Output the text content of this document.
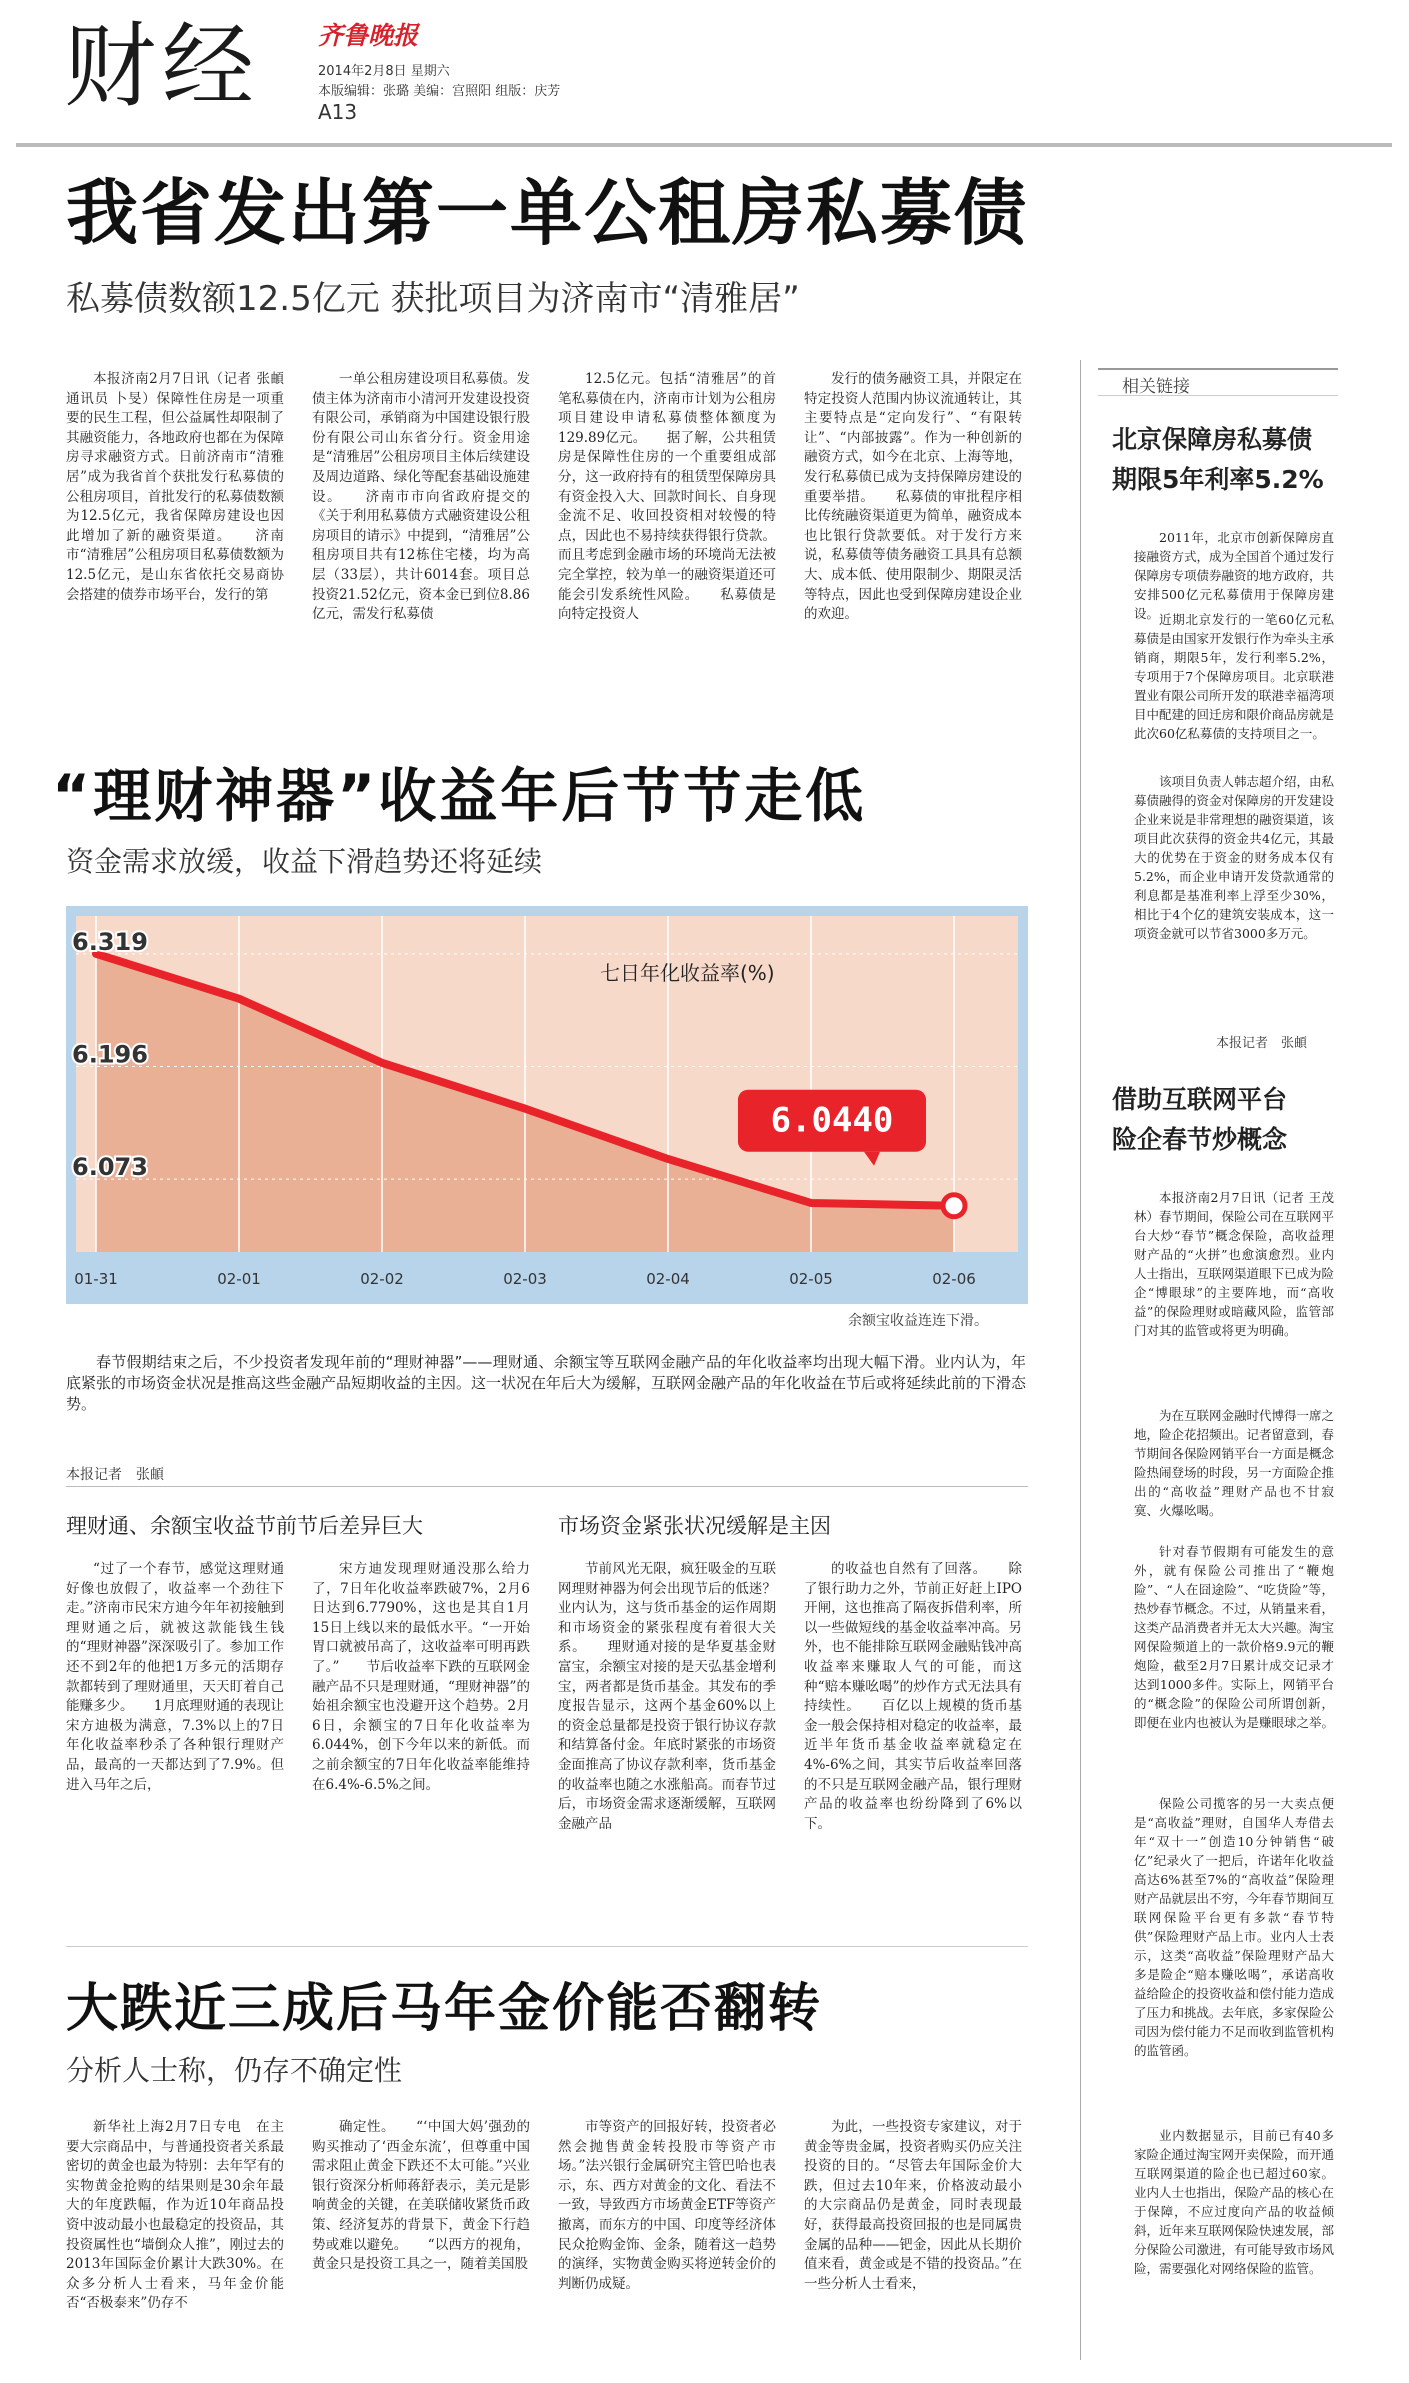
财经 齐鲁晚报
2014年2月8日 星期六
本版编辑：张璐 美编：宫照阳 组版：庆芳
A13
我省发出第一单公租房私募债
私募债数额12.5亿元 获批项目为济南市“清雅居”
本报济南2月7日讯（记者 张頔 通讯员 卜旻）保障性住房是一项重要的民生工程，但公益属性却限制了其融资能力，各地政府也都在为保障房寻求融资方式。日前济南市“清雅居”成为我省首个获批发行私募债的公租房项目，首批发行的私募债数额为12.5亿元，我省保障房建设也因此增加了新的融资渠道。　　济南市“清雅居”公租房项目私募债数额为12.5亿元，是山东省依托交易商协会搭建的债券市场平台，发行的第
一单公租房建设项目私募债。发债主体为济南市小清河开发建设投资有限公司，承销商为中国建设银行股份有限公司山东省分行。资金用途是“清雅居”公租房项目主体后续建设及周边道路、绿化等配套基础设施建设。　　济南市市向省政府提交的《关于利用私募债方式融资建设公租房项目的请示》中提到，“清雅居”公租房项目共有12栋住宅楼，均为高层（33层），共计6014套。项目总投资21.52亿元，资本金已到位8.86亿元，需发行私募债
12.5亿元。包括“清雅居”的首笔私募债在内，济南市计划为公租房项目建设申请私募债整体额度为129.89亿元。　　据了解，公共租赁房是保障性住房的一个重要组成部分，这一政府持有的租赁型保障房具有资金投入大、回款时间长、自身现金流不足、收回投资相对较慢的特点，因此也不易持续获得银行贷款。而且考虑到金融市场的环境尚无法被完全掌控，较为单一的融资渠道还可能会引发系统性风险。　　私募债是向特定投资人
发行的债务融资工具，并限定在特定投资人范围内协议流通转让，其主要特点是“定向发行”、“有限转让”、“内部披露”。作为一种创新的融资方式，如今在北京、上海等地，发行私募债已成为支持保障房建设的重要举措。　　私募债的审批程序相比传统融资渠道更为简单，融资成本也比银行贷款要低。对于发行方来说，私募债等债务融资工具具有总额大、成本低、使用限制少、期限灵活等特点，因此也受到保障房建设企业的欢迎。
相关链接
北京保障房私募债
期限5年利率5.2%
2011年，北京市创新保障房直接融资方式，成为全国首个通过发行保障房专项债券融资的地方政府，共安排500亿元私募债用于保障房建设。 近期北京发行的一笔60亿元私募债是由国家开发银行作为牵头主承销商，期限5年，发行利率5.2%，专项用于7个保障房项目。北京联港置业有限公司所开发的联港幸福湾项目中配建的回迁房和限价商品房就是此次60亿私募债的支持项目之一。
该项目负责人韩志超介绍，由私募债融得的资金对保障房的开发建设企业来说是非常理想的融资渠道，该项目此次获得的资金共4亿元，其最大的优势在于资金的财务成本仅有5.2%，而企业申请开发贷款通常的利息都是基准利率上浮至少30%，相比于4个亿的建筑安装成本，这一项资金就可以节省3000多万元。
本报记者　张頔
借助互联网平台
险企春节炒概念
本报济南2月7日讯（记者 王茂林）春节期间，保险公司在互联网平台大炒“春节”概念保险，高收益理财产品的“火拼”也愈演愈烈。业内人士指出，互联网渠道眼下已成为险企“博眼球”的主要阵地，而“高收益”的保险理财或暗藏风险，监管部门对其的监管或将更为明确。
为在互联网金融时代博得一席之地，险企花招频出。记者留意到，春节期间各保险网销平台一方面是概念险热闹登场的时段，另一方面险企推出的“高收益”理财产品也不甘寂寞、火爆吆喝。
针对春节假期有可能发生的意外，就有保险公司推出了“鞭炮险”、“人在囧途险”、“吃货险”等，热炒春节概念。不过，从销量来看，这类产品消费者并无太大兴趣。淘宝网保险频道上的一款价格9.9元的鞭炮险，截至2月7日累计成交记录才达到1000多件。实际上，网销平台的“概念险”的保险公司所谓创新，即便在业内也被认为是赚眼球之举。
保险公司揽客的另一大卖点便是“高收益”理财，自国华人寿借去年“双十一”创造10分钟销售“破亿”纪录火了一把后，许诺年化收益高达6%甚至7%的“高收益”保险理财产品就层出不穷，今年春节期间互联网保险平台更有多款“春节特供”保险理财产品上市。业内人士表示，这类“高收益”保险理财产品大多是险企“赔本赚吆喝”，承诺高收益给险企的投资收益和偿付能力造成了压力和挑战。去年底，多家保险公司因为偿付能力不足而收到监管机构的监管函。
业内数据显示，目前已有40多家险企通过淘宝网开卖保险，而开通互联网渠道的险企也已超过60家。业内人士也指出，保险产品的核心在于保障，不应过度向产品的收益倾斜，近年来互联网保险快速发展，部分保险公司激进，有可能导致市场风险，需要强化对网络保险的监管。
“理财神器”收益年后节节走低
资金需求放缓，收益下滑趋势还将延续
6.319
6.196
6.073
七日年化收益率(%)
6.0440
01-31	02-01	02-02	02-03	02-04	02-05	02-06
余额宝收益连连下滑。
春节假期结束之后，不少投资者发现年前的“理财神器”——理财通、余额宝等互联网金融产品的年化收益率均出现大幅下滑。业内认为，年底紧张的市场资金状况是推高这些金融产品短期收益的主因。这一状况在年后大为缓解，互联网金融产品的年化收益在节后或将延续此前的下滑态势。
本报记者　张頔
理财通、余额宝收益节前节后差异巨大	市场资金紧张状况缓解是主因
“过了一个春节，感觉这理财通好像也放假了，收益率一个劲往下走。”济南市民宋方迪今年年初接触到理财通之后，就被这款能钱生钱的“理财神器”深深吸引了。参加工作还不到2年的他把1万多元的活期存款都转到了理财通里，天天盯着自己能赚多少。　　1月底理财通的表现让宋方迪极为满意，7.3%以上的7日年化收益率秒杀了各种银行理财产品，最高的一天都达到了7.9%。但进入马年之后，
宋方迪发现理财通没那么给力了，7日年化收益率跌破7%，2月6日达到6.7790%，这也是其自1月15日上线以来的最低水平。“一开始胃口就被吊高了，这收益率可明再跌了。”　　节后收益率下跌的互联网金融产品不只是理财通，“理财神器”的始祖余额宝也没避开这个趋势。2月6日，余额宝的7日年化收益率为6.044%，创下今年以来的新低。而之前余额宝的7日年化收益率能维持在6.4%-6.5%之间。
节前风光无限，疯狂吸金的互联网理财神器为何会出现节后的低迷？业内认为，这与货币基金的运作周期和市场资金的紧张程度有着很大关系。　　理财通对接的是华夏基金财富宝，余额宝对接的是天弘基金增利宝，两者都是货币基金。其发布的季度报告显示，这两个基金60%以上的资金总量都是投资于银行协议存款和结算备付金。年底时紧张的市场资金面推高了协议存款利率，货币基金的收益率也随之水涨船高。而春节过后，市场资金需求逐渐缓解，互联网金融产品
的收益也自然有了回落。　　除了银行助力之外，节前正好赶上IPO开闸，这也推高了隔夜拆借利率，所以一些做短线的基金收益率冲高。另外，也不能排除互联网金融贴钱冲高收益率来赚取人气的可能，而这种“赔本赚吆喝”的炒作方式无法具有持续性。　　百亿以上规模的货币基金一般会保持相对稳定的收益率，最近半年货币基金收益率就稳定在4%-6%之间，其实节后收益率回落的不只是互联网金融产品，银行理财产品的收益率也纷纷降到了6%以下。
大跌近三成后马年金价能否翻转
分析人士称，仍存不确定性
新华社上海2月7日专电　在主要大宗商品中，与普通投资者关系最密切的黄金也最为特别：去年罕有的实物黄金抢购的结果则是30余年最大的年度跌幅，作为近10年商品投资中波动最小也最稳定的投资品，其投资属性也“墙倒众人推”，刚过去的2013年国际金价累计大跌30%。在众多分析人士看来，马年金价能否“否极泰来”仍存不
确定性。　　“‘中国大妈’强劲的购买推动了‘西金东流’，但尊重中国需求阻止黄金下跌还不太可能。”兴业银行资深分析师蒋舒表示，美元是影响黄金的关键，在美联储收紧货币政策、经济复苏的背景下，黄金下行趋势或难以避免。　　“以西方的视角，黄金只是投资工具之一，随着美国股
市等资产的回报好转，投资者必然会抛售黄金转投股市等资产市场。”法兴银行金属研究主管巴哈也表示，东、西方对黄金的文化、看法不一致，导致西方市场黄金ETF等资产撤离，而东方的中国、印度等经济体民众抢购金饰、金条，随着这一趋势的演绎，实物黄金购买将逆转金价的判断仍成疑。
为此，一些投资专家建议，对于黄金等贵金属，投资者购买仍应关注投资的目的。“尽管去年国际金价大跌，但过去10年来，价格波动最小的大宗商品仍是黄金，同时表现最好，获得最高投资回报的也是同属贵金属的品种——钯金，因此从长期价值来看，黄金或是不错的投资品。”在一些分析人士看来，
